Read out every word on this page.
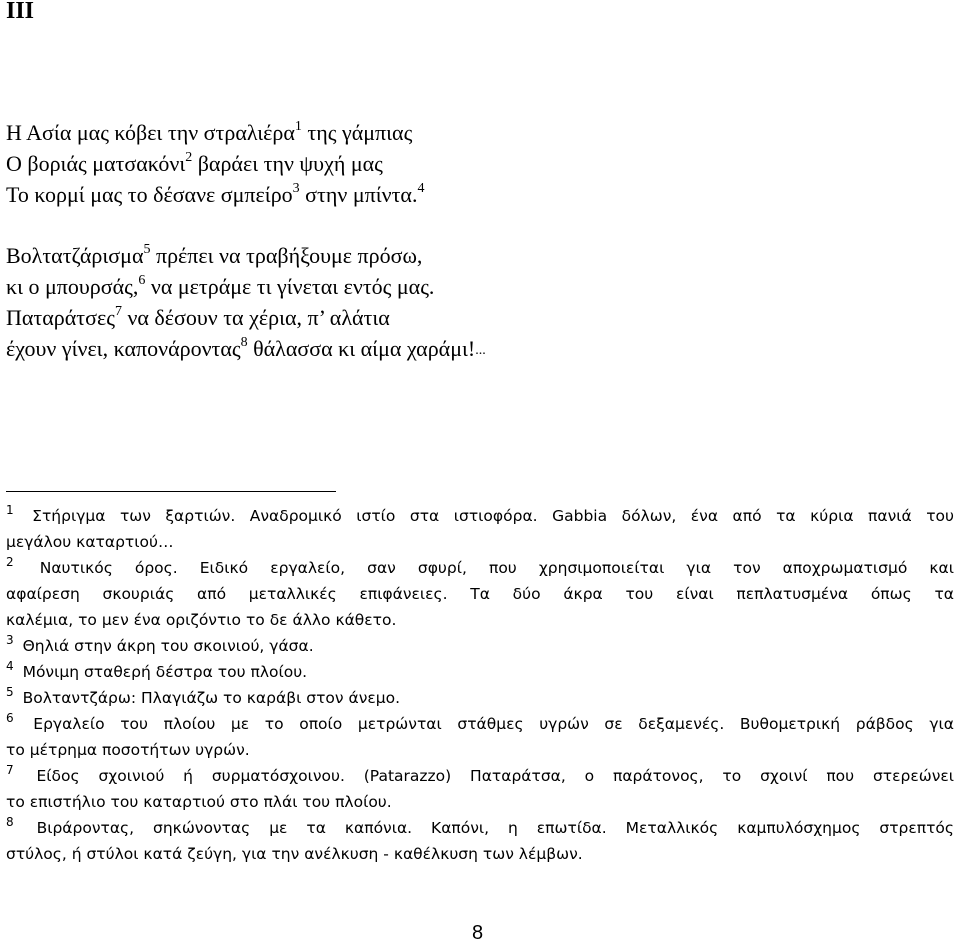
III
Η Ασία μας κόβει την στραλιέρα$^1$ της γάμπιας
Ο βοριάς ματσακόνι$^2$ βαράει την ψυχή μας
Το κορμί μας το δέσανε σμπείρο$^3$ στην μπίντα.$^4$
Βολτατζάρισμα$^5$ πρέπει να τραβήξουμε πρόσω,
κι ο μπουρσάς,$^6$ να μετράμε τι γίνεται εντός μας.
Παταράτσες$^7$ να δέσουν τα χέρια, π’ αλάτια
έχουν γίνει, καπονάροντας$^8$ θάλασσα κι αίμα χαράμι!...
$^1$ Στήριγμα των ξαρτιών. Αναδρομικό ιστίο στα ιστιοφόρα. Gabbia δόλων, ένα από τα κύρια πανιά του
μεγάλου καταρτιού…
$^2$ Ναυτικός όρος. Ειδικό εργαλείο, σαν σφυρί, που χρησιμοποιείται για τον αποχρωματισμό και
αφαίρεση σκουριάς από μεταλλικές επιφάνειες. Τα δύο άκρα του είναι πεπλατυσμένα όπως τα
καλέμια, το μεν ένα οριζόντιο το δε άλλο κάθετο.
$^3$ Θηλιά στην άκρη του σκοινιού, γάσα.
$^4$ Μόνιμη σταθερή δέστρα του πλοίου.
$^5$ Βολταντζάρω: Πλαγιάζω το καράβι στον άνεμο.
$^6$ Εργαλείο του πλοίου με το οποίο μετρώνται στάθμες υγρών σε δεξαμενές. Βυθομετρική ράβδος για
το μέτρημα ποσοτήτων υγρών.
$^7$ Είδος σχοινιού ή συρματόσχοινου. (Patarazzo) Παταράτσα, ο παράτονος, το σχοινί που στερεώνει
το επιστήλιο του καταρτιού στο πλάι του πλοίου.
$^8$ Βιράροντας, σηκώνοντας με τα καπόνια. Καπόνι, η επωτίδα. Μεταλλικός καμπυλόσχημος στρεπτός
στύλος, ή στύλοι κατά ζεύγη, για την ανέλκυση - καθέλκυση των λέμβων.
8
